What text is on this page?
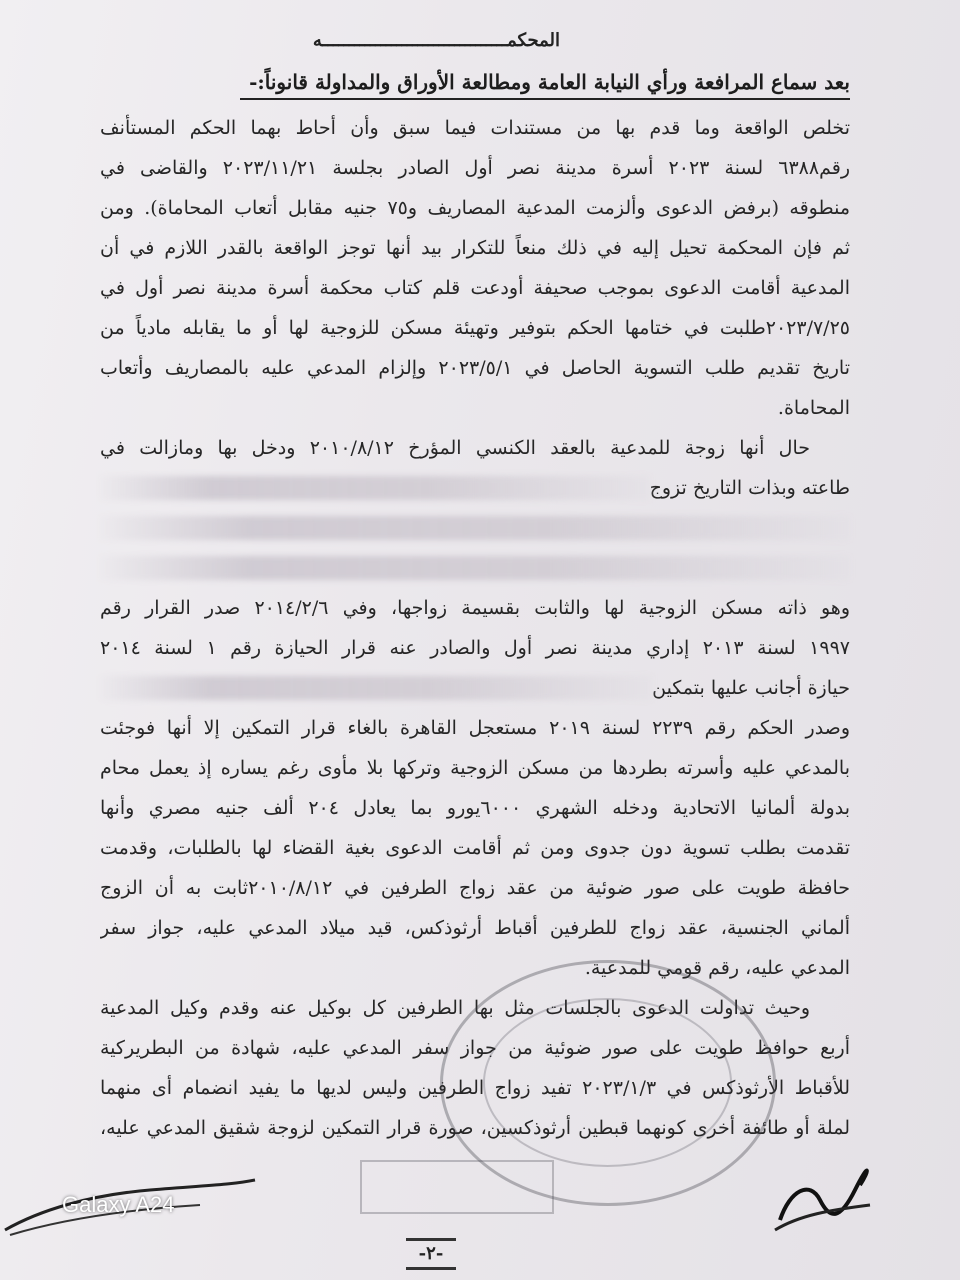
المحكمـــــــــــــــــــــــــــــــــــه
بعد سماع المرافعة ورأي النيابة العامة ومطالعة الأوراق والمداولة قانوناً:-
تخلص الواقعة وما قدم بها من مستندات فيما سبق وأن أحاط بهما الحكم المستأنف
رقم٦٣٨٨ لسنة ٢٠٢٣ أسرة مدينة نصر أول الصادر بجلسة ٢٠٢٣/١١/٢١ والقاضى في
منطوقه (برفض الدعوى وألزمت المدعية المصاريف و٧٥ جنيه مقابل أتعاب المحاماة). ومن
ثم فإن المحكمة تحيل إليه في ذلك منعاً للتكرار بيد أنها توجز الواقعة بالقدر اللازم في أن
المدعية أقامت الدعوى بموجب صحيفة أودعت قلم كتاب محكمة أسرة مدينة نصر أول في
٢٠٢٣/٧/٢٥طلبت في ختامها الحكم بتوفير وتهيئة مسكن للزوجية لها أو ما يقابله مادياً من
تاريخ تقديم طلب التسوية الحاصل في ٢٠٢٣/٥/١ وإلزام المدعي عليه بالمصاريف وأتعاب
المحاماة.
حال أنها زوجة للمدعية بالعقد الكنسي المؤرخ ٢٠١٠/٨/١٢ ودخل بها ومازالت في
طاعته وبذات التاريخ تزوج
وهو ذاته مسكن الزوجية لها والثابت بقسيمة زواجها، وفي ٢٠١٤/٢/٦ صدر القرار رقم
١٩٩٧ لسنة ٢٠١٣ إداري مدينة نصر أول والصادر عنه قرار الحيازة رقم ١ لسنة ٢٠١٤
حيازة أجانب عليها بتمكين
وصدر الحكم رقم ٢٢٣٩ لسنة ٢٠١٩ مستعجل القاهرة بالغاء قرار التمكين إلا أنها فوجئت
بالمدعي عليه وأسرته بطردها من مسكن الزوجية وتركها بلا مأوى رغم يساره إذ يعمل محام
بدولة ألمانيا الاتحادية ودخله الشهري ٦٠٠٠يورو بما يعادل ٢٠٤ ألف جنيه مصري وأنها
تقدمت بطلب تسوية دون جدوى ومن ثم أقامت الدعوى بغية القضاء لها بالطلبات، وقدمت
حافظة طويت على صور ضوئية من عقد زواج الطرفين في ٢٠١٠/٨/١٢ثابت به أن الزوج
ألماني الجنسية، عقد زواج للطرفين أقباط أرثوذكس، قيد ميلاد المدعي عليه، جواز سفر
المدعي عليه، رقم قومي للمدعية.
وحيث تداولت الدعوى بالجلسات مثل بها الطرفين كل بوكيل عنه وقدم وكيل المدعية
أربع حوافظ طويت على صور ضوئية من جواز سفر المدعي عليه، شهادة من البطريركية
للأقباط الأرثوذكس في ٢٠٢٣/١/٣ تفيد زواج الطرفين وليس لديها ما يفيد انضمام أى منهما
لملة أو طائفة أخرى كونهما قبطين أرثوذكسين، صورة قرار التمكين لزوجة شقيق المدعي عليه،
Galaxy A24
-٢-
